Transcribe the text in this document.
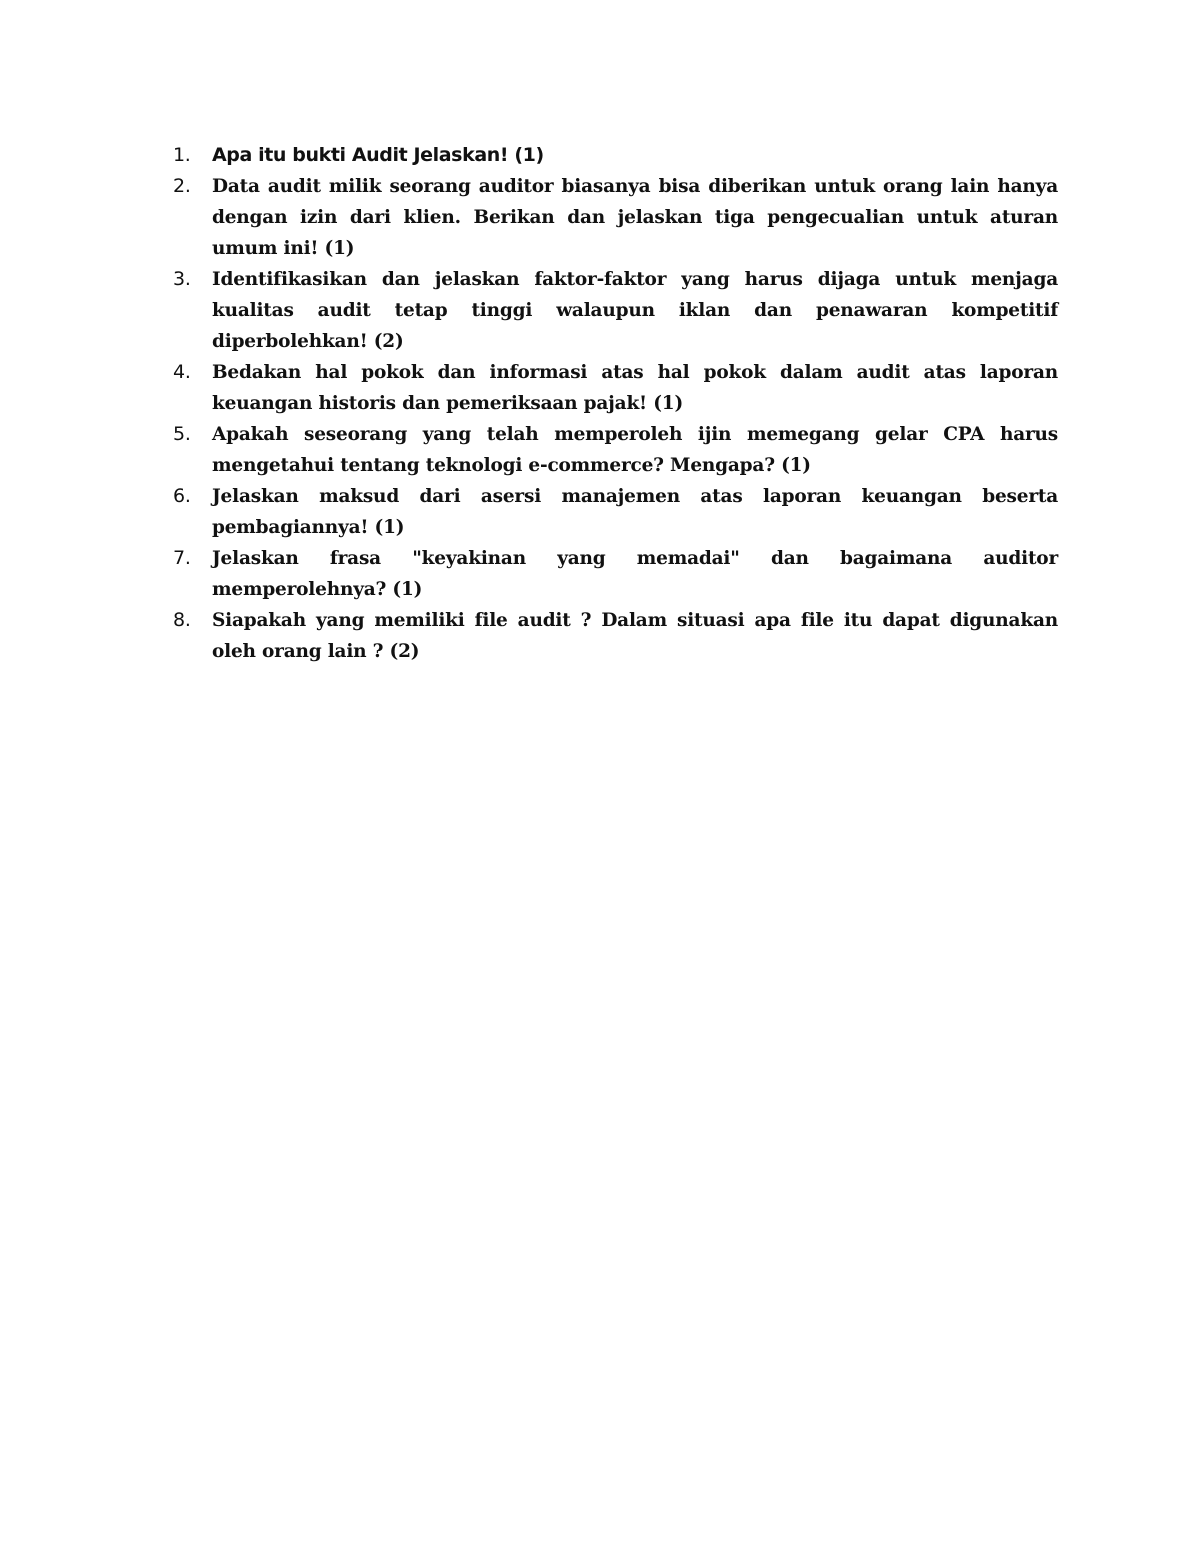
1. Apa itu bukti Audit Jelaskan! (1)
2. Data audit milik seorang auditor biasanya bisa diberikan untuk orang lain hanya dengan izin dari klien. Berikan dan jelaskan tiga pengecualian untuk aturan umum ini! (1)
3. Identifikasikan dan jelaskan faktor-faktor yang harus dijaga untuk menjaga kualitas audit tetap tinggi walaupun iklan dan penawaran kompetitif diperbolehkan! (2)
4. Bedakan hal pokok dan informasi atas hal pokok dalam audit atas laporan keuangan historis dan pemeriksaan pajak! (1)
5. Apakah seseorang yang telah memperoleh ijin memegang gelar CPA harus mengetahui tentang teknologi e-commerce? Mengapa? (1)
6. Jelaskan maksud dari asersi manajemen atas laporan keuangan beserta pembagiannya! (1)
7. Jelaskan frasa "keyakinan yang memadai" dan bagaimana auditor memperolehnya? (1)
8. Siapakah yang memiliki file audit ? Dalam situasi apa file itu dapat digunakan oleh orang lain ? (2)
